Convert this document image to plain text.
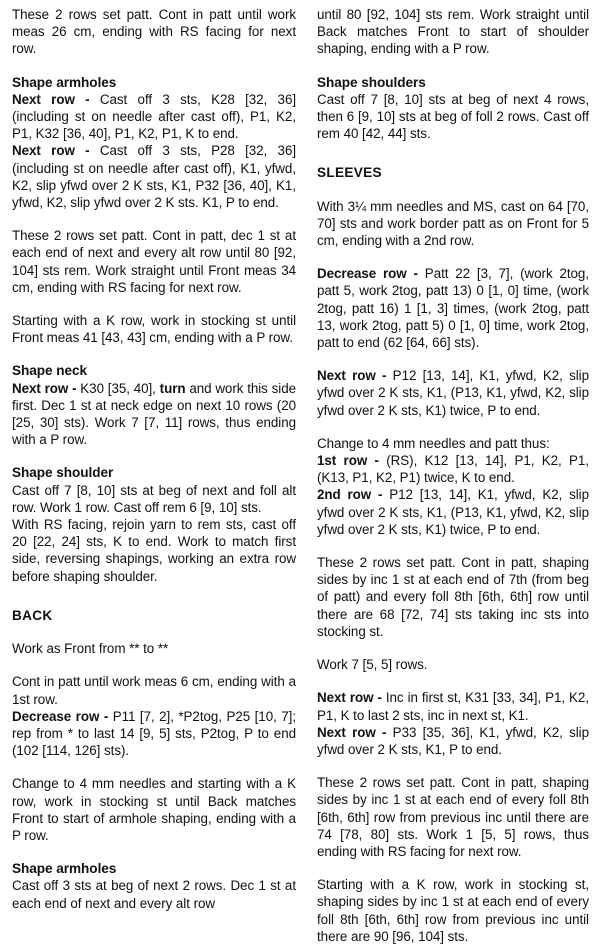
These 2 rows set patt. Cont in patt until work meas 26 cm, ending with RS facing for next row.

Shape armholes

Next row - Cast off 3 sts, K28 [32, 36] (including st on needle after cast off), P1, K2, P1, K32 [36, 40], P1, K2, P1, K to end.

Next row - Cast off 3 sts, P28 [32, 36] (including st on needle after cast off), K1, yfwd, K2, slip yfwd over 2 K sts, K1, P32 [36, 40], K1, yfwd, K2, slip yfwd over 2 K sts. K1, P to end.

These 2 rows set patt. Cont in patt, dec 1 st at each end of next and every alt row until 80 [92, 104] sts rem. Work straight until Front meas 34 cm, ending with RS facing for next row.

Starting with a K row, work in stocking st until Front meas 41 [43, 43] cm, ending with a P row.

Shape neck

Next row - K30 [35, 40], turn and work this side first. Dec 1 st at neck edge on next 10 rows (20 [25, 30] sts). Work 7 [7, 11] rows, thus ending with a P row.

Shape shoulder

Cast off 7 [8, 10] sts at beg of next and foll alt row. Work 1 row. Cast off rem 6 [9, 10] sts.

With RS facing, rejoin yarn to rem sts, cast off 20 [22, 24] sts, K to end. Work to match first side, reversing shapings, working an extra row before shaping shoulder.

BACK

Work as Front from ** to **

Cont in patt until work meas 6 cm, ending with a 1st row.

Decrease row - P11 [7, 2], *P2tog, P25 [10, 7]; rep from * to last 14 [9, 5] sts, P2tog, P to end (102 [114, 126] sts).

Change to 4 mm needles and starting with a K row, work in stocking st until Back matches Front to start of armhole shaping, ending with a P row.

Shape armholes

Cast off 3 sts at beg of next 2 rows. Dec 1 st at each end of next and every alt row

until 80 [92, 104] sts rem. Work straight until Back matches Front to start of shoulder shaping, ending with a P row.

Shape shoulders

Cast off 7 [8, 10] sts at beg of next 4 rows, then 6 [9, 10] sts at beg of foll 2 rows. Cast off rem 40 [42, 44] sts.

SLEEVES

With 3¼ mm needles and MS, cast on 64 [70, 70] sts and work border patt as on Front for 5 cm, ending with a 2nd row.

Decrease row - Patt 22 [3, 7], (work 2tog, patt 5, work 2tog, patt 13) 0 [1, 0] time, (work 2tog, patt 16) 1 [1, 3] times, (work 2tog, patt 13, work 2tog, patt 5) 0 [1, 0] time, work 2tog, patt to end (62 [64, 66] sts).

Next row - P12 [13, 14], K1, yfwd, K2, slip yfwd over 2 K sts, K1, (P13, K1, yfwd, K2, slip yfwd over 2 K sts, K1) twice, P to end.

Change to 4 mm needles and patt thus:

1st row - (RS), K12 [13, 14], P1, K2, P1, (K13, P1, K2, P1) twice, K to end.

2nd row - P12 [13, 14], K1, yfwd, K2, slip yfwd over 2 K sts, K1, (P13, K1, yfwd, K2, slip yfwd over 2 K sts, K1) twice, P to end.

These 2 rows set patt. Cont in patt, shaping sides by inc 1 st at each end of 7th (from beg of patt) and every foll 8th [6th, 6th] row until there are 68 [72, 74] sts taking inc sts into stocking st.

Work 7 [5, 5] rows.

Next row - Inc in first st, K31 [33, 34], P1, K2, P1, K to last 2 sts, inc in next st, K1.

Next row - P33 [35, 36], K1, yfwd, K2, slip yfwd over 2 K sts, K1, P to end.

These 2 rows set patt. Cont in patt, shaping sides by inc 1 st at each end of every foll 8th [6th, 6th] row from previous inc until there are 74 [78, 80] sts. Work 1 [5, 5] rows, thus ending with RS facing for next row.

Starting with a K row, work in stocking st, shaping sides by inc 1 st at each end of every foll 8th [6th, 6th] row from previous inc until there are 90 [96, 104] sts.
